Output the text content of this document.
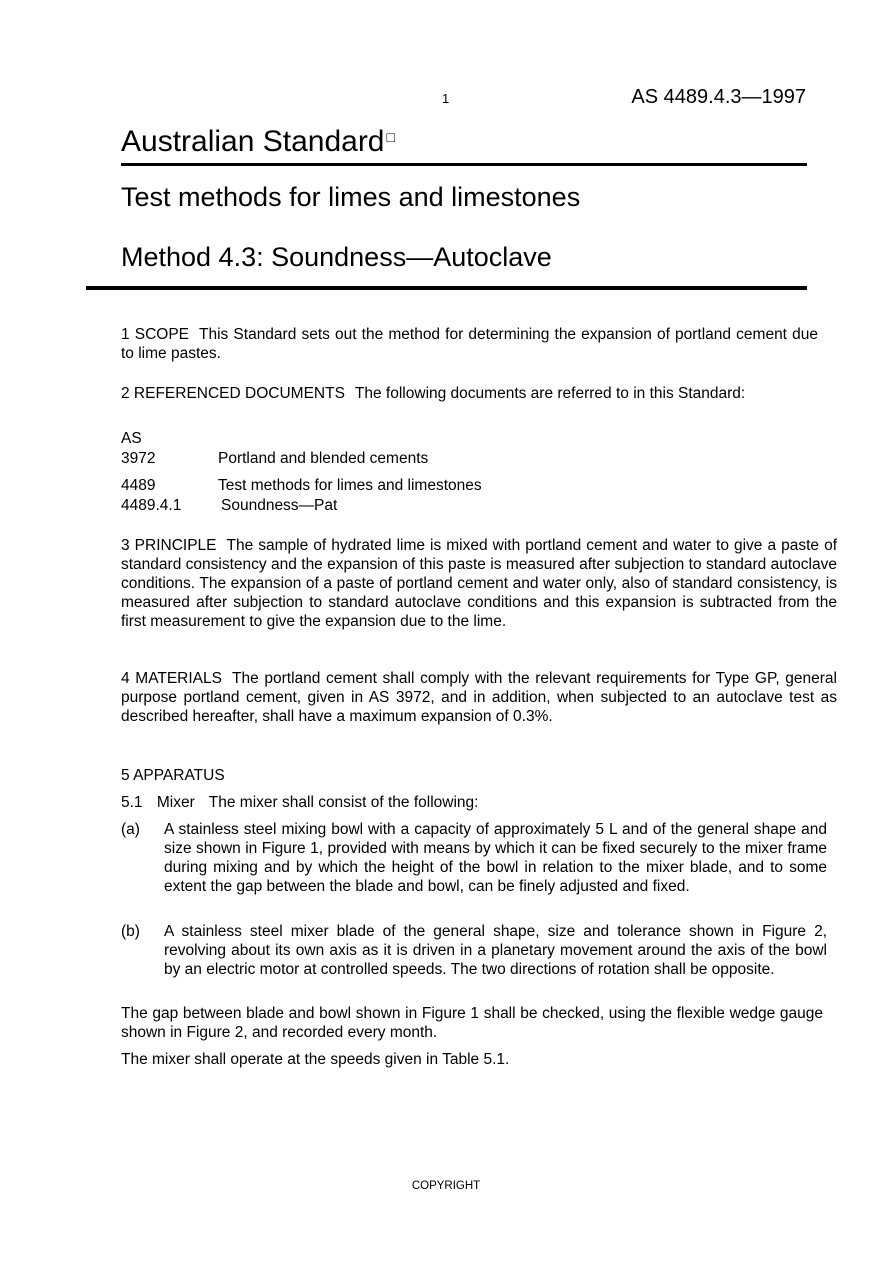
1	AS 4489.4.3—1997
Australian Standard □
Test methods for limes and limestones
Method 4.3: Soundness—Autoclave
1 SCOPE This Standard sets out the method for determining the expansion of portland cement due to lime pastes.
2 REFERENCED DOCUMENTS The following documents are referred to in this Standard:
AS
3972	Portland and blended cements
4489	Test methods for limes and limestones
4489.4.1	Soundness—Pat
3 PRINCIPLE The sample of hydrated lime is mixed with portland cement and water to give a paste of standard consistency and the expansion of this paste is measured after subjection to standard autoclave conditions. The expansion of a paste of portland cement and water only, also of standard consistency, is measured after subjection to standard autoclave conditions and this expansion is subtracted from the first measurement to give the expansion due to the lime.
4 MATERIALS The portland cement shall comply with the relevant requirements for Type GP, general purpose portland cement, given in AS 3972, and in addition, when subjected to an autoclave test as described hereafter, shall have a maximum expansion of 0.3%.
5 APPARATUS
5.1 Mixer The mixer shall consist of the following:
(a) A stainless steel mixing bowl with a capacity of approximately 5 L and of the general shape and size shown in Figure 1, provided with means by which it can be fixed securely to the mixer frame during mixing and by which the height of the bowl in relation to the mixer blade, and to some extent the gap between the blade and bowl, can be finely adjusted and fixed.
(b) A stainless steel mixer blade of the general shape, size and tolerance shown in Figure 2, revolving about its own axis as it is driven in a planetary movement around the axis of the bowl by an electric motor at controlled speeds. The two directions of rotation shall be opposite.
The gap between blade and bowl shown in Figure 1 shall be checked, using the flexible wedge gauge shown in Figure 2, and recorded every month.
The mixer shall operate at the speeds given in Table 5.1.
COPYRIGHT
